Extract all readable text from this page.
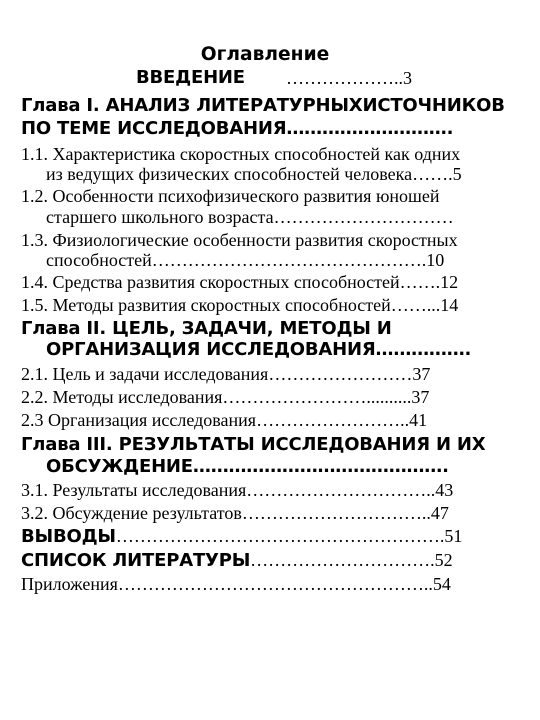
Оглавление
ВВЕДЕНИЕ ………………..3
Глава I. АНАЛИЗ ЛИТЕРАТУРНЫХИСТОЧНИКОВ
ПО ТЕМЕ ИССЛЕДОВАНИЯ……………………….
1.1. Характеристика скоростных способностей как одних
из ведущих физических способностей человека…….5
1.2. Особенности психофизического развития юношей
старшего школьного возраста…………………………
1.3. Физиологические особенности развития скоростных
способностей……………………………………….10
1.4. Средства развития скоростных способностей…….12
1.5. Методы развития скоростных способностей……...14
Глава II. ЦЕЛЬ, ЗАДАЧИ, МЕТОДЫ И
ОРГАНИЗАЦИЯ ИССЛЕДОВАНИЯ…………….
2.1. Цель и задачи исследования……………………37
2.2. Методы исследования……………………..........37
2.3 Организация исследования……………………..41
Глава III. РЕЗУЛЬТАТЫ ИССЛЕДОВАНИЯ И ИХ
ОБСУЖДЕНИЕ…………………………………….
3.1. Результаты исследования…………………………..43
3.2. Обсуждение результатов…………………………..47
ВЫВОДЫ……………………………………………….51
СПИСОК ЛИТЕРАТУРЫ………………………….52
Приложения……………………………………………..54
